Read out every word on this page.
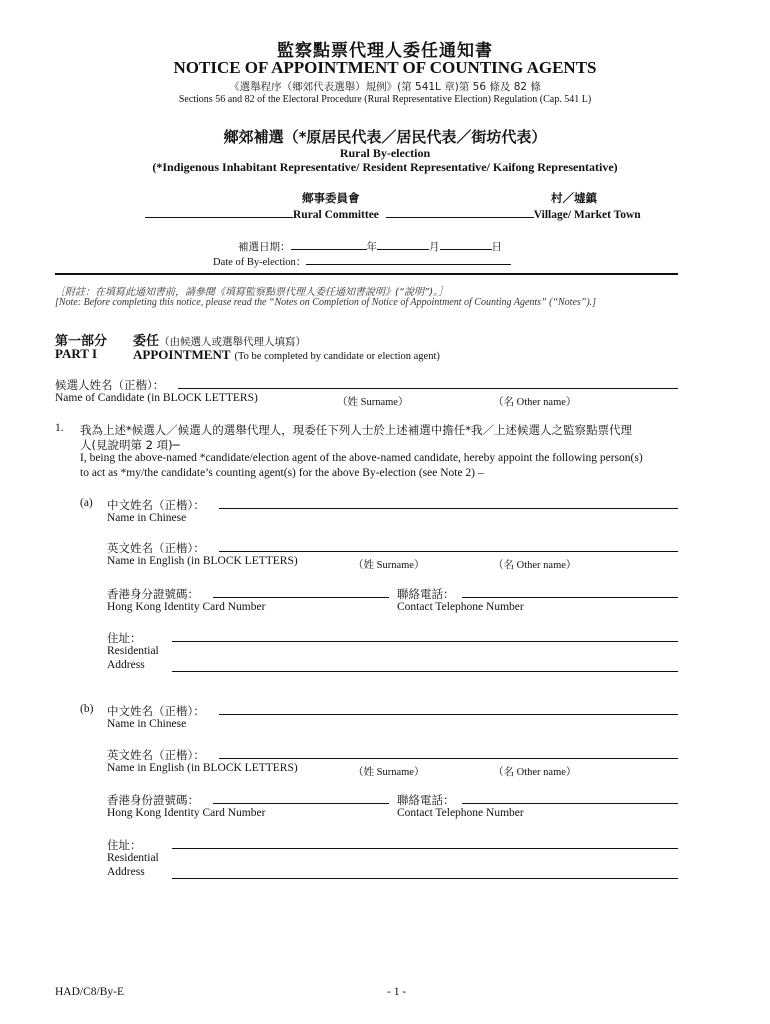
監察點票代理人委任通知書
NOTICE OF APPOINTMENT OF COUNTING AGENTS
《選舉程序（鄉郊代表選舉）規例》(第 541L 章)第 56 條及 82 條
Sections 56 and 82 of the Electoral Procedure (Rural Representative Election) Regulation (Cap. 541 L)
鄉郊補選（*原居民代表／居民代表／街坊代表）
Rural By-election
(*Indigenous Inhabitant Representative/ Resident Representative/ Kaifong Representative)
鄉事委員會	村／墟鎮
Rural Committee	Village/ Market Town
補選日期：	年	月	日
Date of By-election：
［附註：在填寫此通知書前，請參閱《填寫監察點票代理人委任通知書說明》(“說明”)。］
[Note: Before completing this notice, please read the “Notes on Completion of Notice of Appointment of Counting Agents” (“Notes”).]
第一部分 委任（由候選人或選舉代理人填寫）
PART I	APPOINTMENT (To be completed by candidate or election agent)
候選人姓名（正楷）：
Name of Candidate (in BLOCK LETTERS)	（姓 Surname）	（名 Other name）
1. 我為上述*候選人／候選人的選舉代理人，現委任下列人士於上述補選中擔任*我／上述候選人之監察點票代理
人(見說明第 2 項)─
I, being the above-named *candidate/election agent of the above-named candidate, hereby appoint the following person(s)
to act as *my/the candidate’s counting agent(s) for the above By-election (see Note 2) –
(a) 中文姓名（正楷）：
Name in Chinese
英文姓名（正楷）：
Name in English (in BLOCK LETTERS)	（姓 Surname）	（名 Other name）
香港身分證號碼：	聯絡電話：
Hong Kong Identity Card Number	Contact Telephone Number
住址：
Residential
Address
(b) 中文姓名（正楷）：
Name in Chinese
英文姓名（正楷）：
Name in English (in BLOCK LETTERS)	（姓 Surname）	（名 Other name）
香港身份證號碼：	聯絡電話：
Hong Kong Identity Card Number	Contact Telephone Number
住址：
Residential
Address
HAD/C8/By-E	- 1 -
